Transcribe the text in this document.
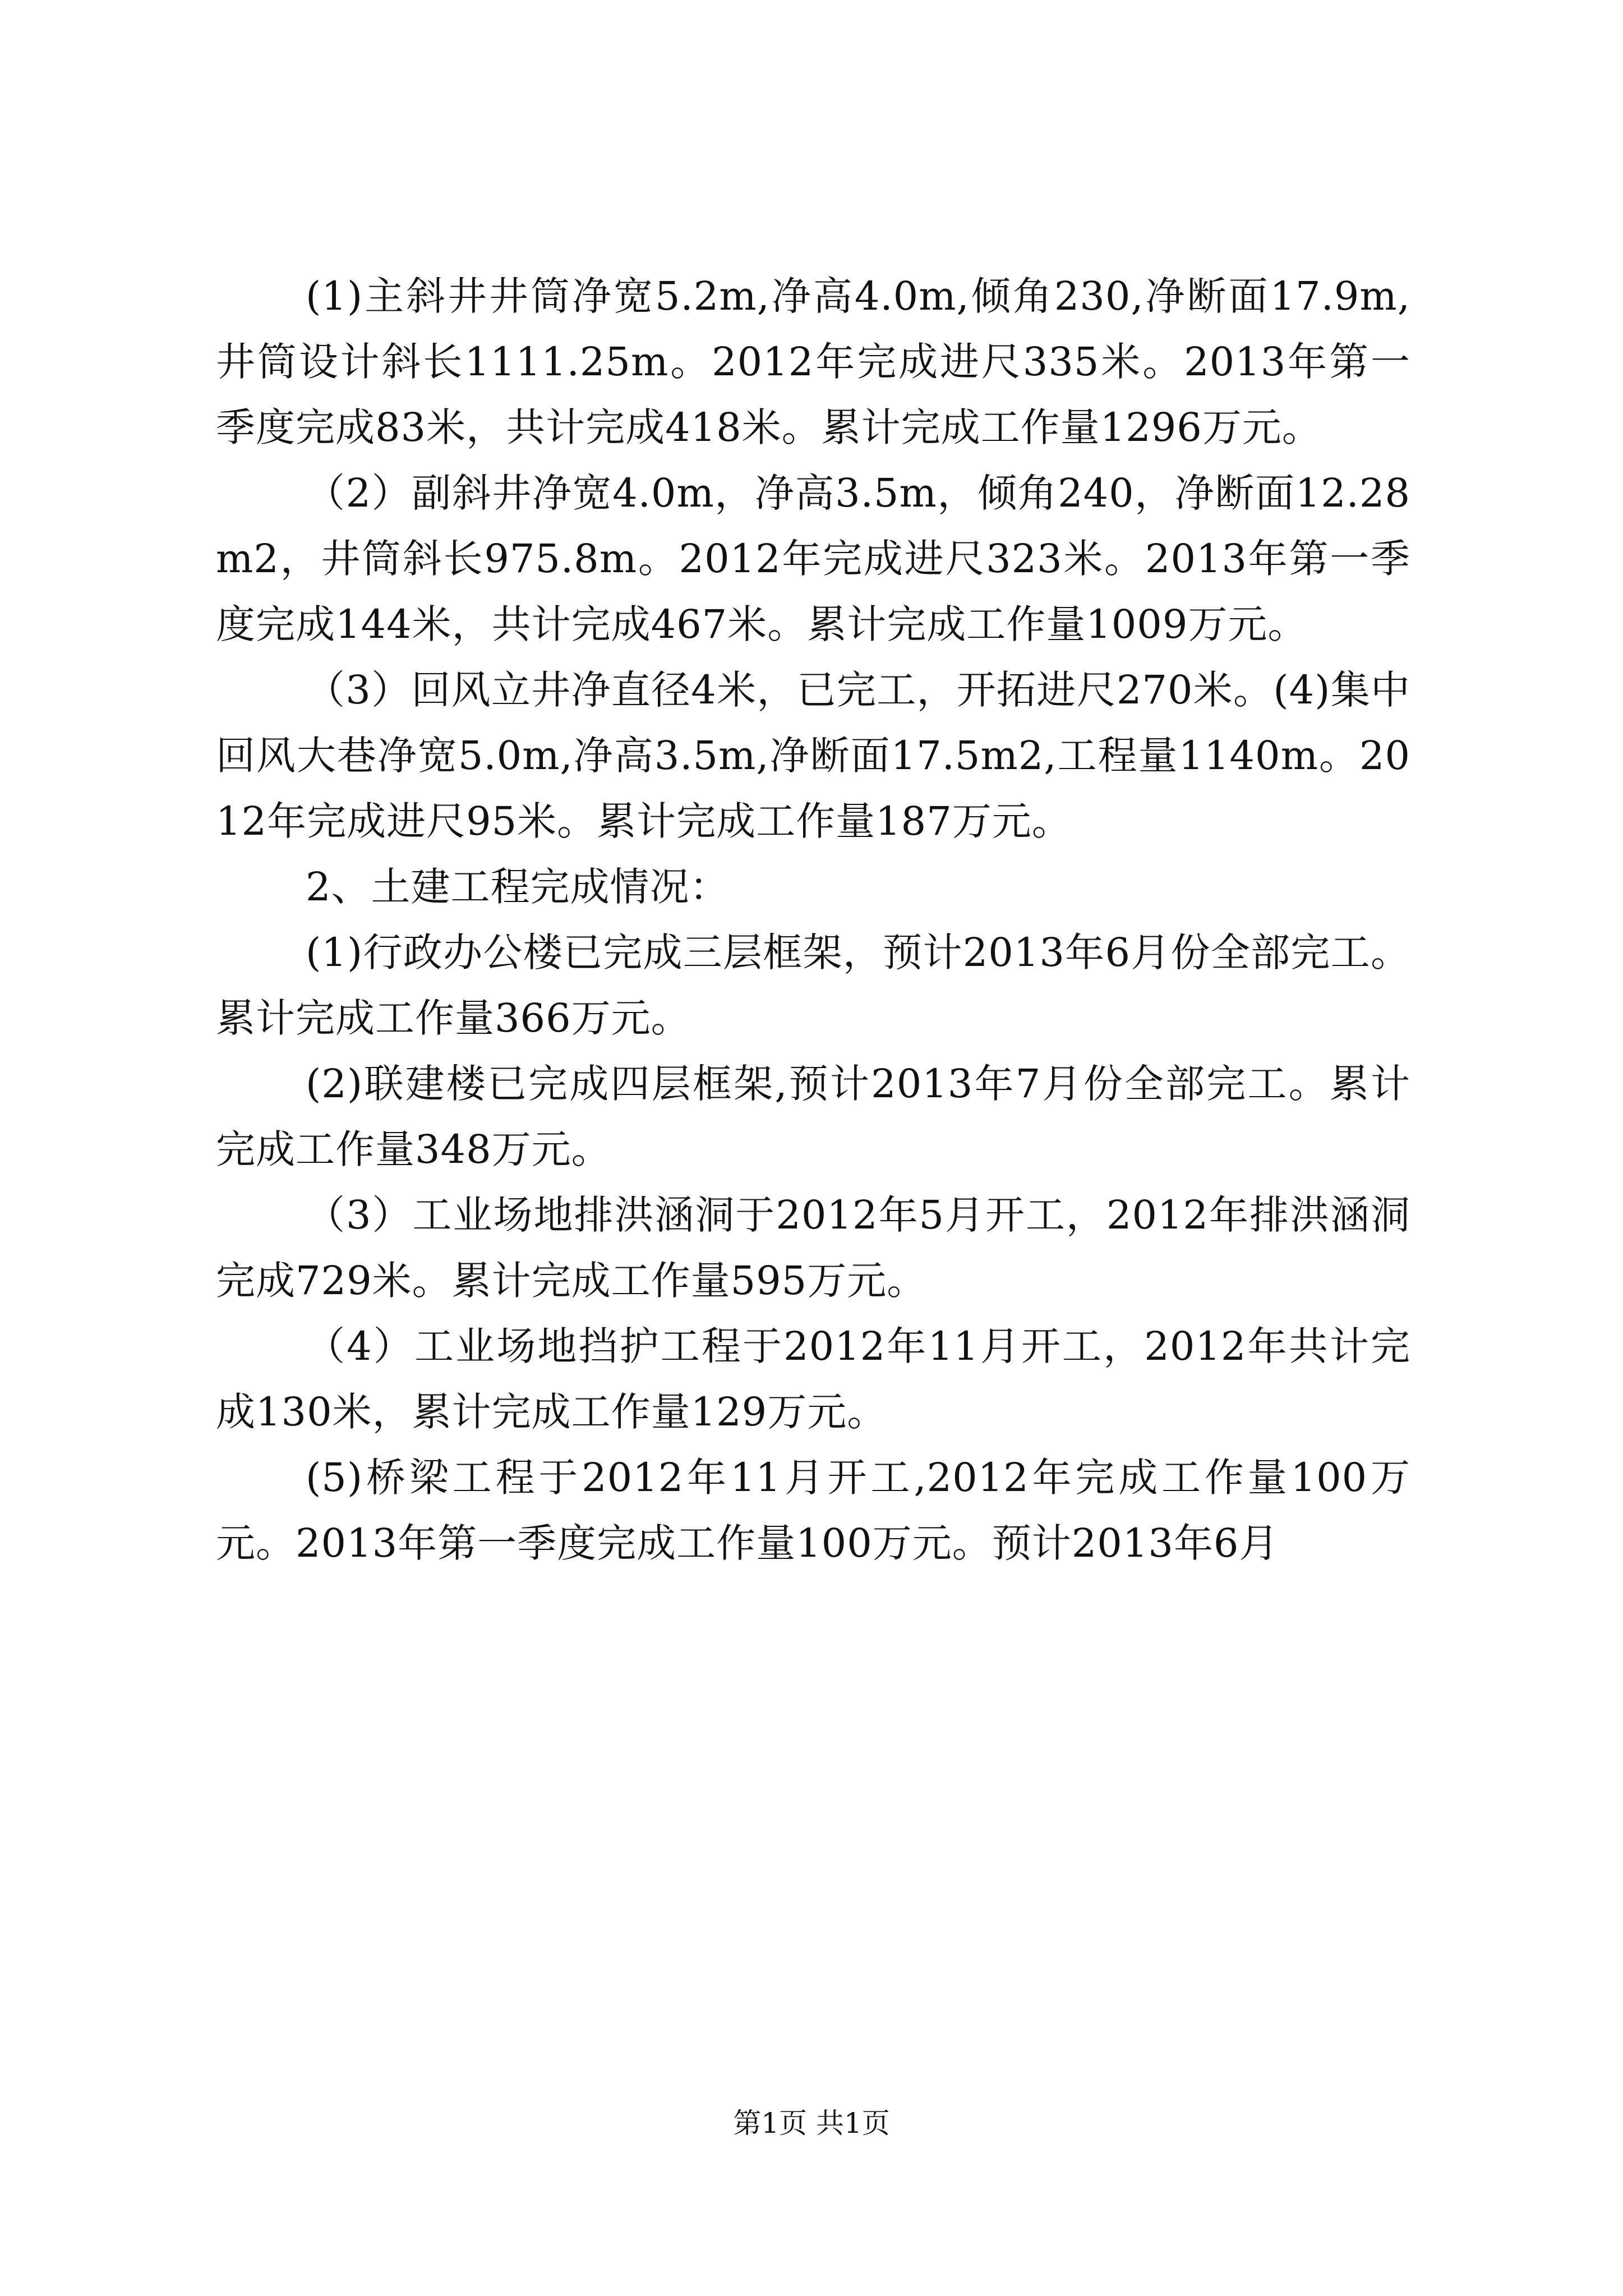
(1)主斜井井筒净宽5.2m,净高4.0m,倾角230,净断面17.9m,井筒设计斜长1111.25m。2012年完成进尺335米。2013年第一季度完成83米，共计完成418米。累计完成工作量1296万元。

（2）副斜井净宽4.0m，净高3.5m，倾角240，净断面12.28m2，井筒斜长975.8m。2012年完成进尺323米。2013年第一季度完成144米，共计完成467米。累计完成工作量1009万元。

（3）回风立井净直径4米，已完工，开拓进尺270米。(4)集中回风大巷净宽5.0m,净高3.5m,净断面17.5m2,工程量1140m。2012年完成进尺95米。累计完成工作量187万元。

2、土建工程完成情况：

(1)行政办公楼已完成三层框架，预计2013年6月份全部完工。累计完成工作量366万元。

(2)联建楼已完成四层框架,预计2013年7月份全部完工。累计完成工作量348万元。

（3）工业场地排洪涵洞于2012年5月开工，2012年排洪涵洞完成729米。累计完成工作量595万元。

（4）工业场地挡护工程于2012年11月开工，2012年共计完成130米，累计完成工作量129万元。

(5)桥梁工程于2012年11月开工,2012年完成工作量100万元。2013年第一季度完成工作量100万元。预计2013年6月

第1页 共1页
